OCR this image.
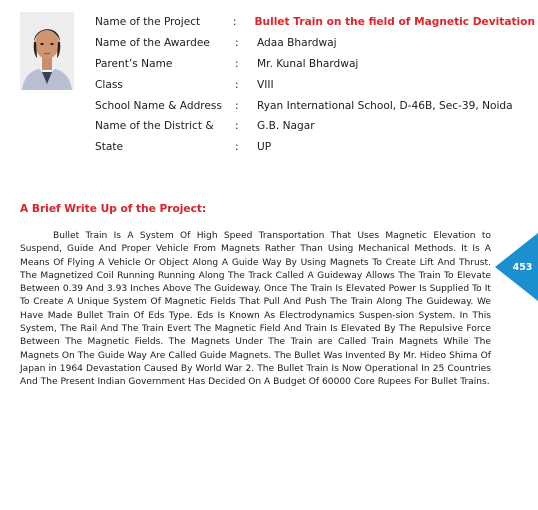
Name of the Project	:	Bullet Train on the field of Magnetic Devitation
Name of the Awardee	:	Adaa Bhardwaj
Parent’s Name	:	Mr. Kunal Bhardwaj
Class	:	VIII
School Name & Address	:	Ryan International School, D-46B, Sec-39, Noida
Name of the District &	:	G.B. Nagar
State	:	UP
A Brief Write Up of the Project:

Bullet Train Is A System Of High Speed Transportation That Uses Magnetic Elevation to Suspend, Guide And Proper Vehicle From Magnets Rather Than Using Mechanical Methods. It Is A Means Of Flying A Vehicle Or Object Along A Guide Way By Using Magnets To Create Lift And Thrust. The Magnetized Coil Running Running Along The Track Called A Guideway Allows The Train To Elevate Between 0.39 And 3.93 Inches Above The Guideway. Once The Train Is Elevated Power Is Supplied To It To Create A Unique System Of Magnetic Fields That Pull And Push The Train Along The Guideway. We Have Made Bullet Train Of Eds Type. Eds Is Known As Electrodynamics Suspen-sion System. In This System, The Rail And The Train Evert The Magnetic Field And Train Is Elevated By The Repulsive Force Between The Magnetic Fields. The Magnets Under The Train are Called Train Magnets While The Magnets On The Guide Way Are Called Guide Magnets. The Bullet Was Invented By Mr. Hideo Shima Of Japan in 1964 Devastation Caused By World War 2. The Bullet Train Is Now Operational In 25 Countries And The Present Indian Government Has Decided On A Budget Of 60000 Core Rupees For Bullet Trains.

453
